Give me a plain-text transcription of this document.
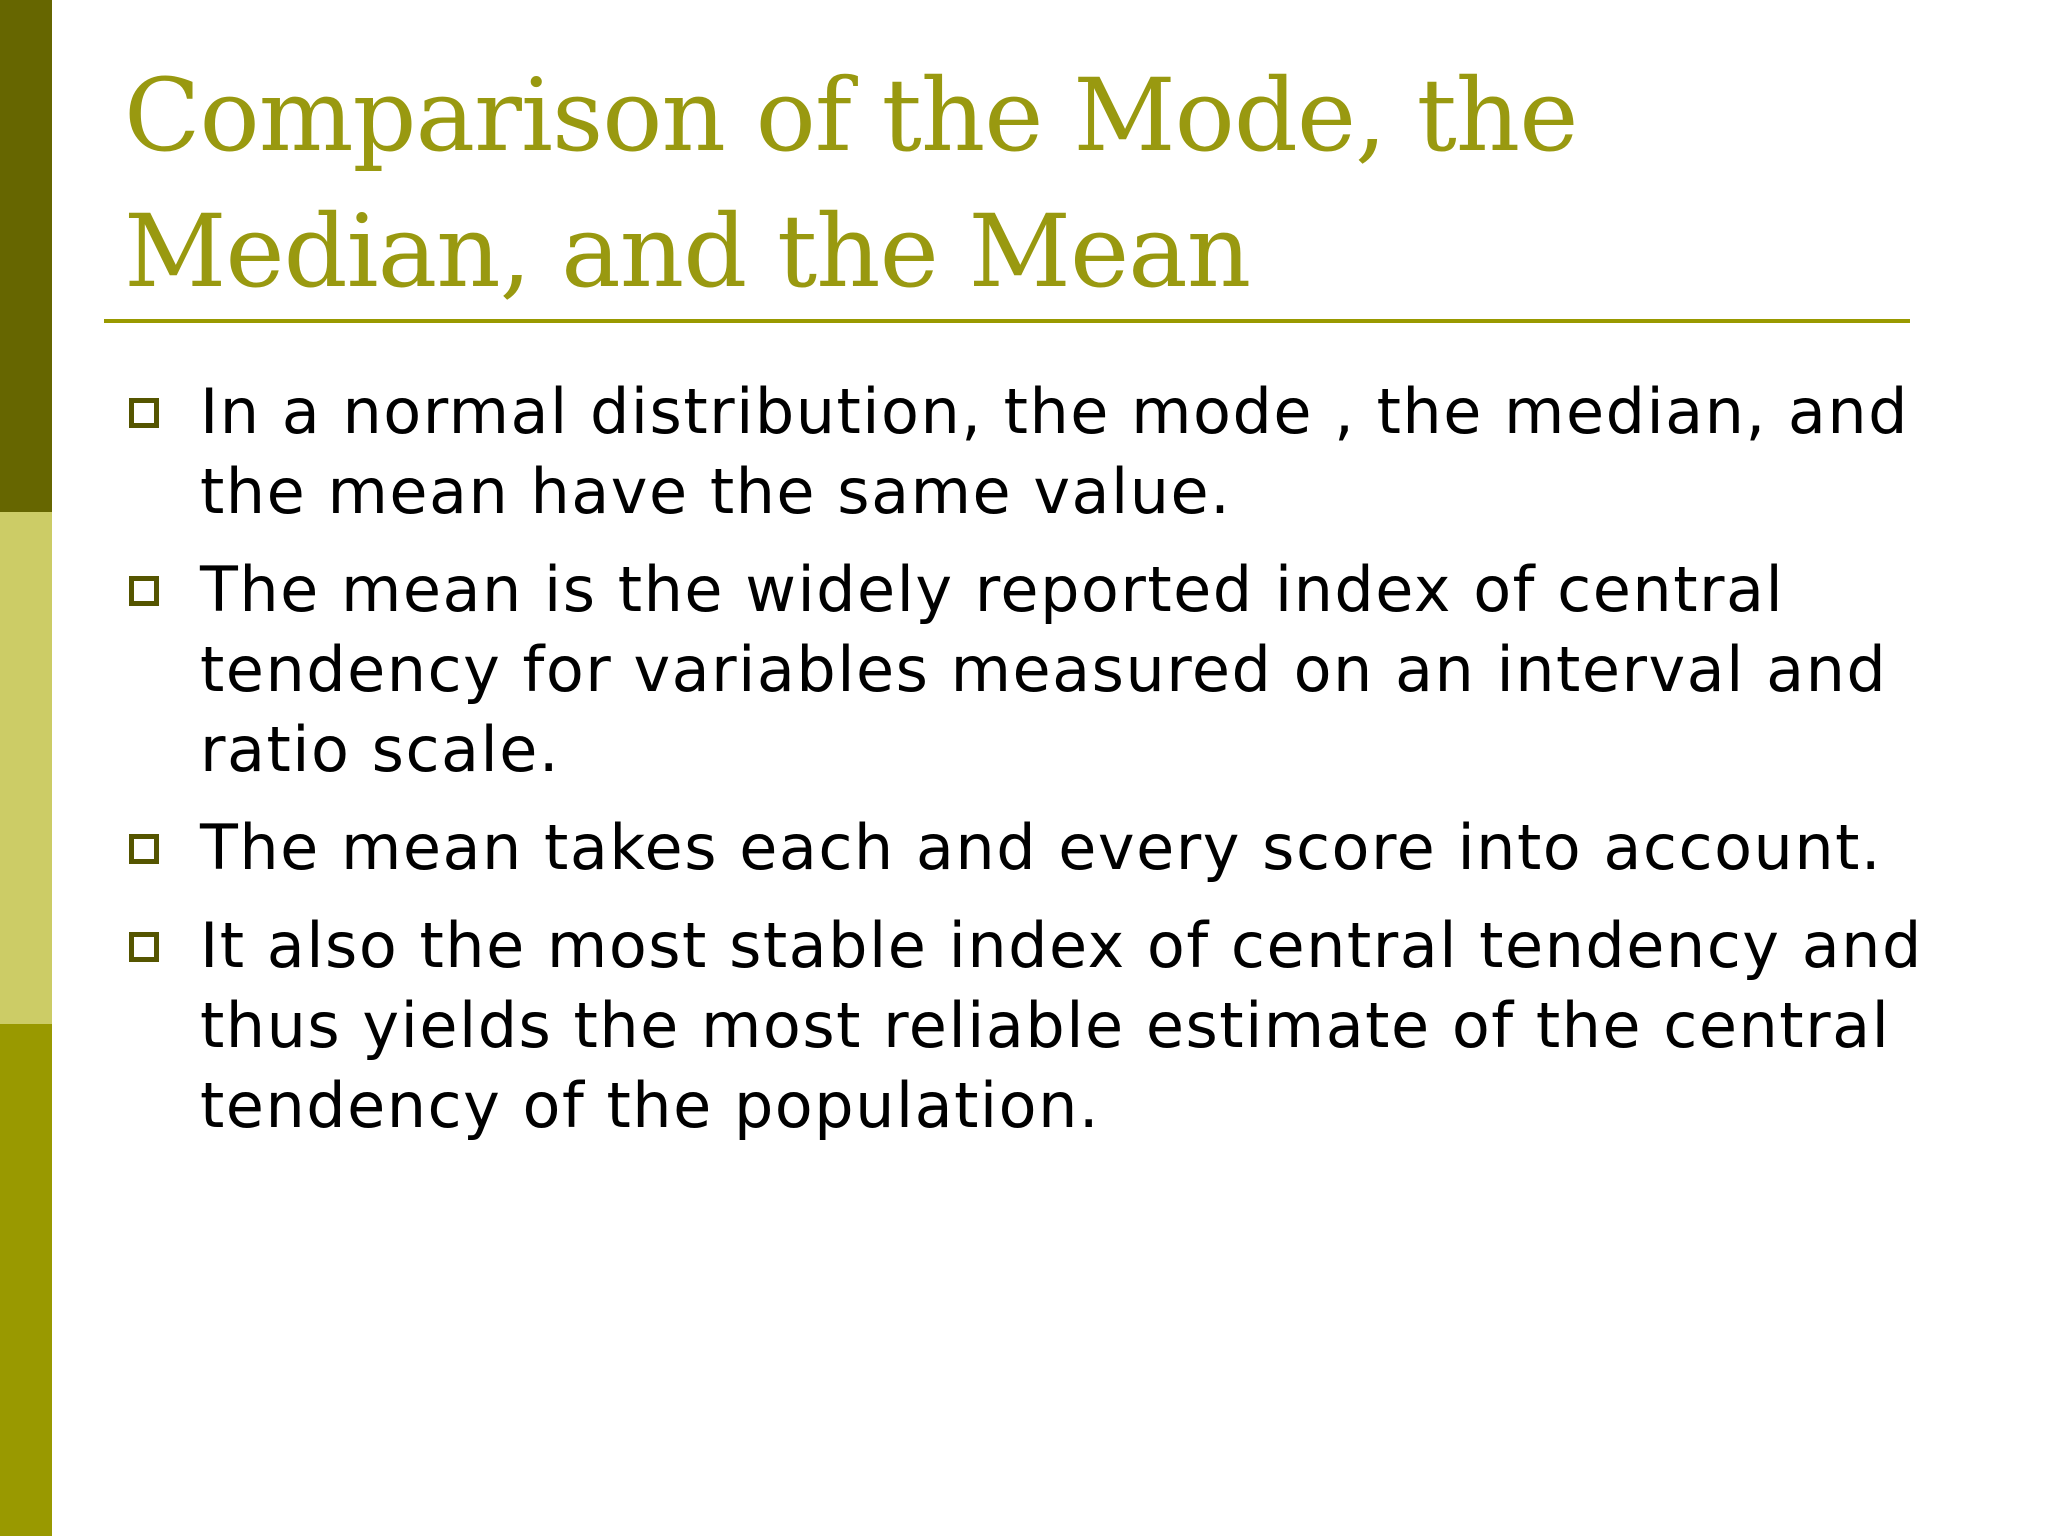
Comparison of the Mode, the Median, and the Mean
In a normal distribution, the mode , the median, and the mean have the same value.
The mean is the widely reported index of central tendency for variables measured on an interval and ratio scale.
The mean takes each and every score into account.
It also the most stable index of central tendency and thus yields the most reliable estimate of the central tendency of the population.
